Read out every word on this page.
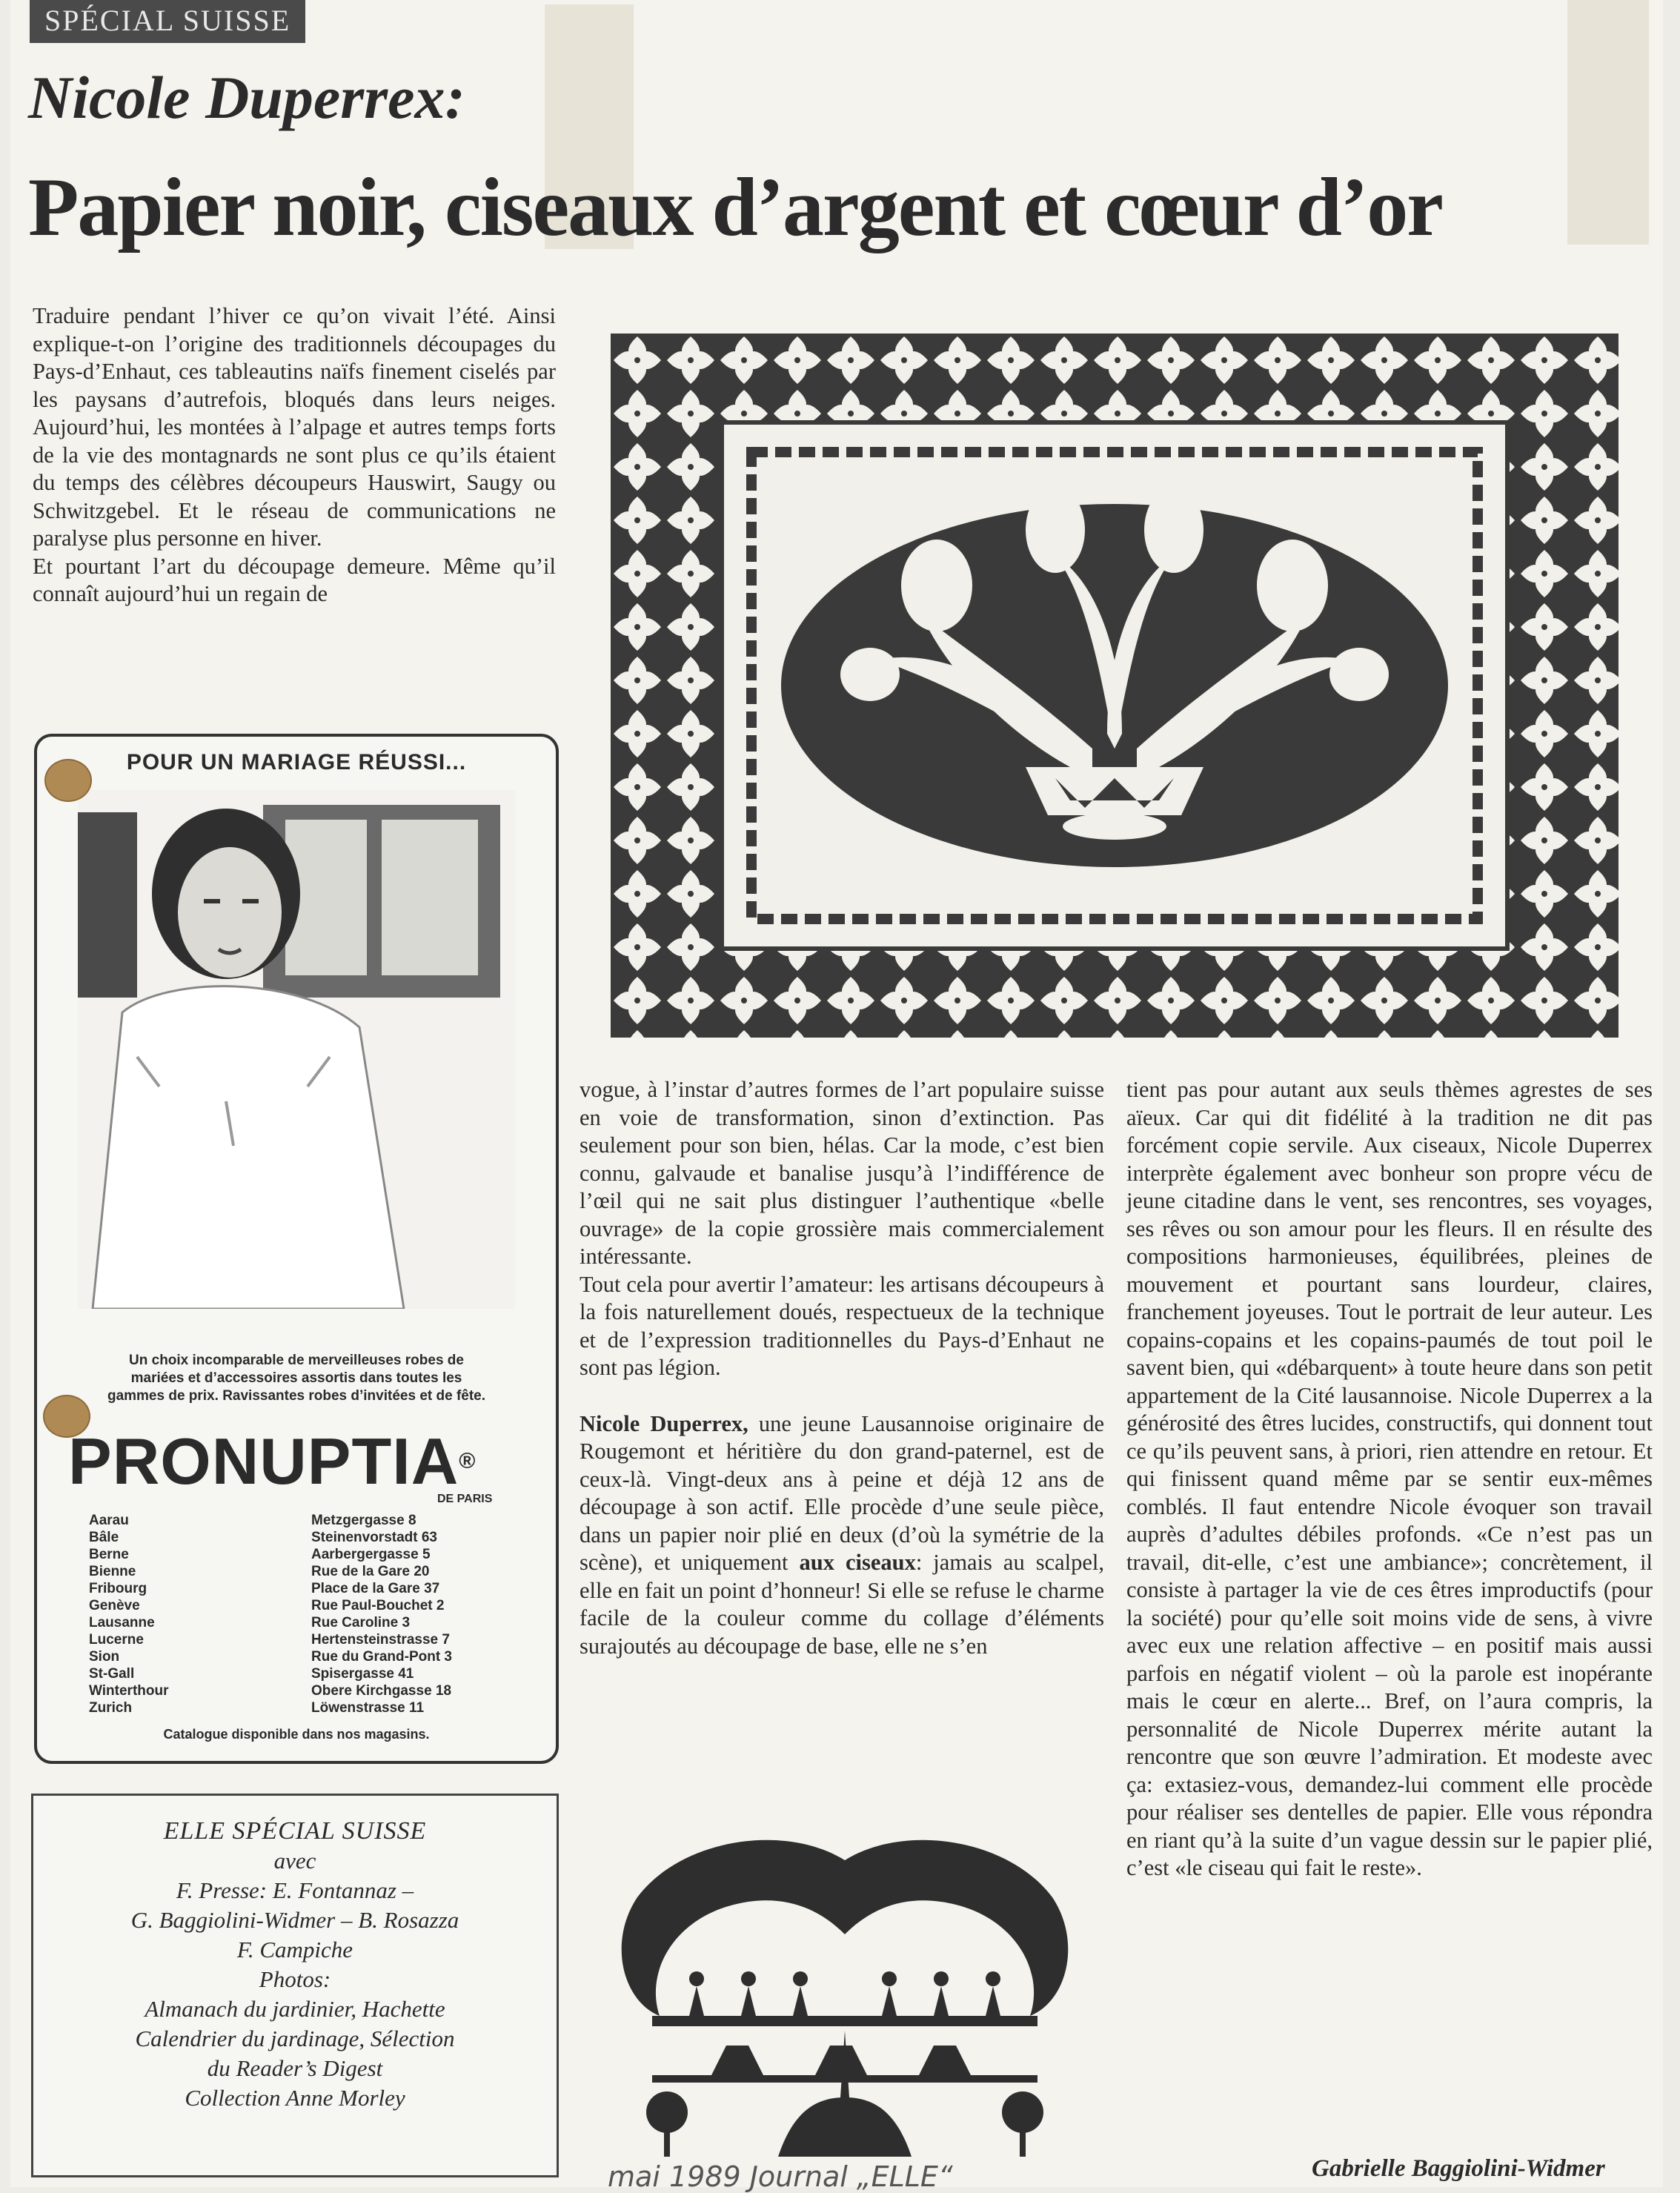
SPÉCIAL SUISSE
Nicole Duperrex:
Papier noir, ciseaux d’argent et cœur d’or

Traduire pendant l’hiver ce qu’on vivait l’été. Ainsi explique-t-on l’origine des traditionnels découpages du Pays-d’Enhaut, ces tableautins naïfs finement ciselés par les paysans d’autrefois, bloqués dans leurs neiges. Aujourd’hui, les montées à l’alpage et autres temps forts de la vie des montagnards ne sont plus ce qu’ils étaient du temps des célèbres découpeurs Hauswirt, Saugy ou Schwitzgebel. Et le réseau de communications ne paralyse plus personne en hiver.

Et pourtant l’art du découpage demeure. Même qu’il connaît aujourd’hui un regain de

vogue, à l’instar d’autres formes de l’art populaire suisse en voie de transformation, sinon d’extinction. Pas seulement pour son bien, hélas. Car la mode, c’est bien connu, galvaude et banalise jusqu’à l’indifférence de l’œil qui ne sait plus distinguer l’authentique «belle ouvrage» de la copie grossière mais commercialement intéressante.

Tout cela pour avertir l’amateur: les artisans découpeurs à la fois naturellement doués, respectueux de la technique et de l’expression traditionnelles du Pays-d’Enhaut ne sont pas légion.

Nicole Duperrex, une jeune Lausannoise originaire de Rougemont et héritière du don grand-paternel, est de ceux-là. Vingt-deux ans à peine et déjà 12 ans de découpage à son actif. Elle procède d’une seule pièce, dans un papier noir plié en deux (d’où la symétrie de la scène), et uniquement aux ciseaux: jamais au scalpel, elle en fait un point d’honneur! Si elle se refuse le charme facile de la couleur comme du collage d’éléments surajoutés au découpage de base, elle ne s’en

tient pas pour autant aux seuls thèmes agrestes de ses aïeux. Car qui dit fidélité à la tradition ne dit pas forcément copie servile. Aux ciseaux, Nicole Duperrex interprète également avec bonheur son propre vécu de jeune citadine dans le vent, ses rencontres, ses voyages, ses rêves ou son amour pour les fleurs. Il en résulte des compositions harmonieuses, équilibrées, pleines de mouvement et pourtant sans lourdeur, claires, franchement joyeuses. Tout le portrait de leur auteur. Les copains-copains et les copains-paumés de tout poil le savent bien, qui «débarquent» à toute heure dans son petit appartement de la Cité lausannoise. Nicole Duperrex a la générosité des êtres lucides, constructifs, qui donnent tout ce qu’ils peuvent sans, à priori, rien attendre en retour. Et qui finissent quand même par se sentir eux-mêmes comblés. Il faut entendre Nicole évoquer son travail auprès d’adultes débiles profonds. «Ce n’est pas un travail, dit-elle, c’est une ambiance»; concrètement, il consiste à partager la vie de ces êtres improductifs (pour la société) pour qu’elle soit moins vide de sens, à vivre avec eux une relation affective – en positif mais aussi parfois en négatif violent – où la parole est inopérante mais le cœur en alerte... Bref, on l’aura compris, la personnalité de Nicole Duperrex mérite autant la rencontre que son œuvre l’admiration. Et modeste avec ça: extasiez-vous, demandez-lui comment elle procède pour réaliser ses dentelles de papier. Elle vous répondra en riant qu’à la suite d’un vague dessin sur le papier plié, c’est «le ciseau qui fait le reste».

Gabrielle Baggiolini-Widmer
mai 1989 Journal „ELLE“
POUR UN MARIAGE RÉUSSI...
Un choix incomparable de merveilleuses robes de mariées et d’accessoires assortis dans toutes les gammes de prix. Ravissantes robes d’invitées et de fête.
PRONUPTIA®
DE PARIS
Aarau	Metzgergasse 8
Bâle	Steinenvorstadt 63
Berne	Aarbergergasse 5
Bienne	Rue de la Gare 20
Fribourg	Place de la Gare 37
Genève	Rue Paul-Bouchet 2
Lausanne	Rue Caroline 3
Lucerne	Hertensteinstrasse 7
Sion	Rue du Grand-Pont 3
St-Gall	Spisergasse 41
Winterthour	Obere Kirchgasse 18
Zurich	Löwenstrasse 11
Catalogue disponible dans nos magasins.
ELLE SPÉCIAL SUISSE
avec
F. Presse: E. Fontannaz –
G. Baggiolini-Widmer – B. Rosazza
F. Campiche
Photos:
Almanach du jardinier, Hachette
Calendrier du jardinage, Sélection
du Reader’s Digest
Collection Anne Morley
